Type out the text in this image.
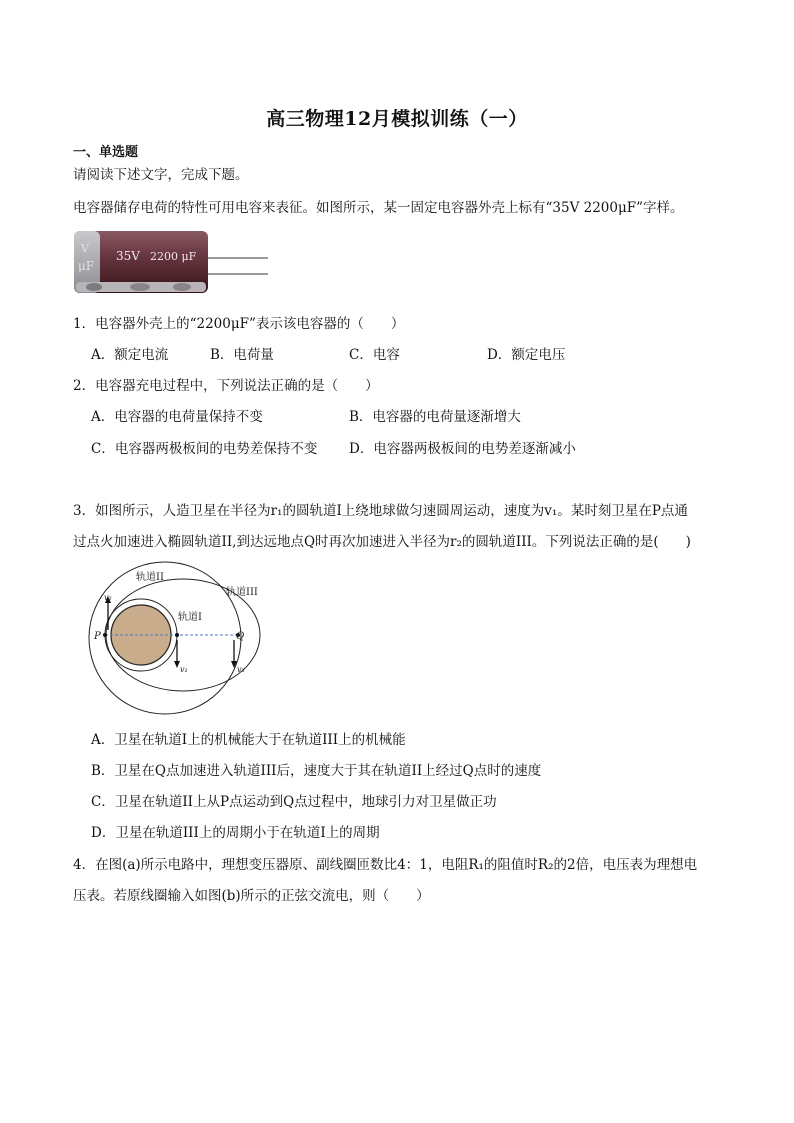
高三物理12月模拟训练（一）
一、单选题
请阅读下述文字，完成下题。
电容器储存电荷的特性可用电容来表征。如图所示，某一固定电容器外壳上标有“35V 2200μF”字样。
V
μF
35V 2200 μF
1．电容器外壳上的“2200μF”表示该电容器的（　　）
A．额定电流	B．电荷量	C．电容	D．额定电压
2．电容器充电过程中，下列说法正确的是（　　）
A．电容器的电荷量保持不变	B．电容器的电荷量逐渐增大
C．电容器两极板间的电势差保持不变 D．电容器两极板间的电势差逐渐减小
3．如图所示，人造卫星在半径为r₁的圆轨道I上绕地球做匀速圆周运动，速度为v₁。某时刻卫星在P点通
过点火加速进入椭圆轨道II,到达远地点Q时再次加速进入半径为r₂的圆轨道III。下列说法正确的是(　　)
轨道II
轨道III
轨道I
P	Q
v₂
v₁	v₃
A．卫星在轨道I上的机械能大于在轨道III上的机械能
B．卫星在Q点加速进入轨道III后，速度大于其在轨道II上经过Q点时的速度
C．卫星在轨道II上从P点运动到Q点过程中，地球引力对卫星做正功
D．卫星在轨道III上的周期小于在轨道I上的周期
4．在图(a)所示电路中，理想变压器原、副线圈匝数比4：1，电阻R₁的阻值时R₂的2倍，电压表为理想电
压表。若原线圈输入如图(b)所示的正弦交流电，则（　　）
